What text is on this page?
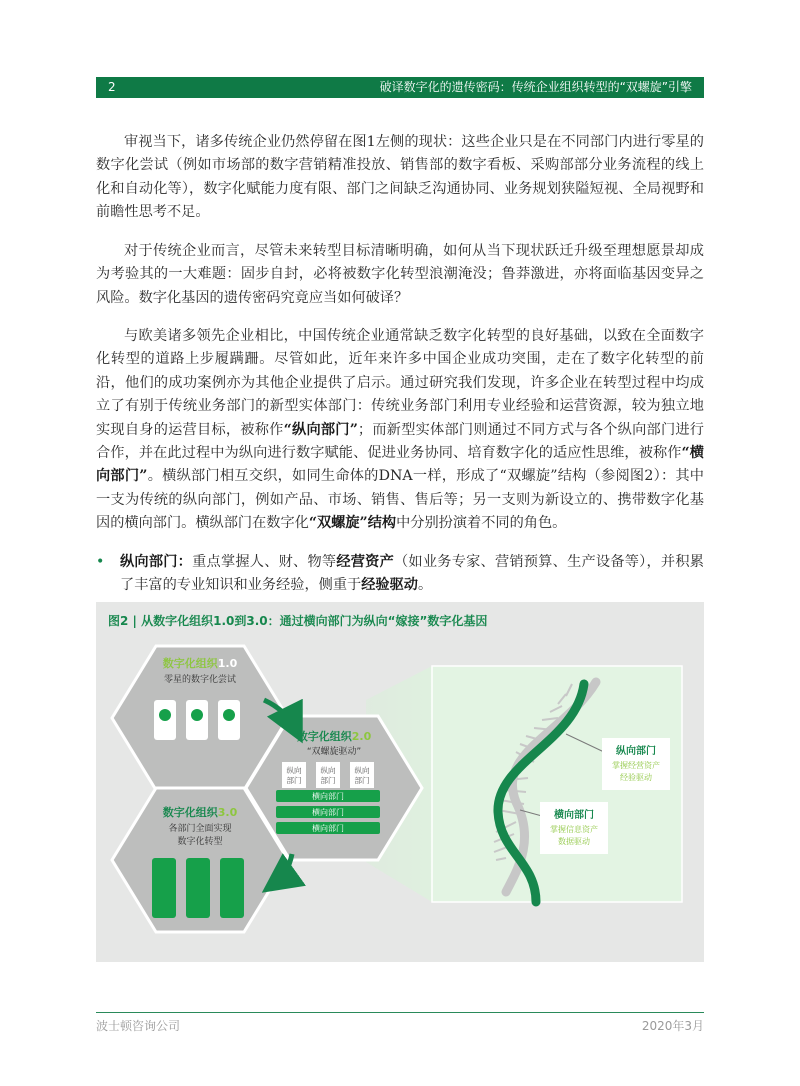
2	破译数字化的遗传密码：传统企业组织转型的“双螺旋”引擎

审视当下，诸多传统企业仍然停留在图1左侧的现状：这些企业只是在不同部门内进行零星的数字化尝试（例如市场部的数字营销精准投放、销售部的数字看板、采购部部分业务流程的线上化和自动化等），数字化赋能力度有限、部门之间缺乏沟通协同、业务规划狭隘短视、全局视野和前瞻性思考不足。

对于传统企业而言，尽管未来转型目标清晰明确，如何从当下现状跃迁升级至理想愿景却成为考验其的一大难题：固步自封，必将被数字化转型浪潮淹没；鲁莽激进，亦将面临基因变异之风险。数字化基因的遗传密码究竟应当如何破译？

与欧美诸多领先企业相比，中国传统企业通常缺乏数字化转型的良好基础，以致在全面数字化转型的道路上步履蹒跚。尽管如此，近年来许多中国企业成功突围，走在了数字化转型的前沿，他们的成功案例亦为其他企业提供了启示。通过研究我们发现，许多企业在转型过程中均成立了有别于传统业务部门的新型实体部门：传统业务部门利用专业经验和运营资源，较为独立地实现自身的运营目标，被称作“纵向部门”；而新型实体部门则通过不同方式与各个纵向部门进行合作，并在此过程中为纵向进行数字赋能、促进业务协同、培育数字化的适应性思维，被称作“横向部门”。横纵部门相互交织，如同生命体的DNA一样，形成了“双螺旋”结构（参阅图2）：其中一支为传统的纵向部门，例如产品、市场、销售、售后等；另一支则为新设立的、携带数字化基因的横向部门。横纵部门在数字化“双螺旋”结构中分别扮演着不同的角色。

• 纵向部门：重点掌握人、财、物等经营资产（如业务专家、营销预算、生产设备等），并积累了丰富的专业知识和业务经验，侧重于经验驱动。
数字化组织1.0
零星的数字化尝试
数字化组织2.0
“双螺旋驱动”
纵向部门
纵向部门
纵向部门
横向部门
横向部门
横向部门
数字化组织3.0
各部门全面实现
数字化转型
纵向部门
掌握经营资产
经验驱动
横向部门
掌握信息资产
数据驱动
图2 | 从数字化组织1.0到3.0：通过横向部门为纵向“嫁接”数字化基因
波士顿咨询公司	2020年3月
